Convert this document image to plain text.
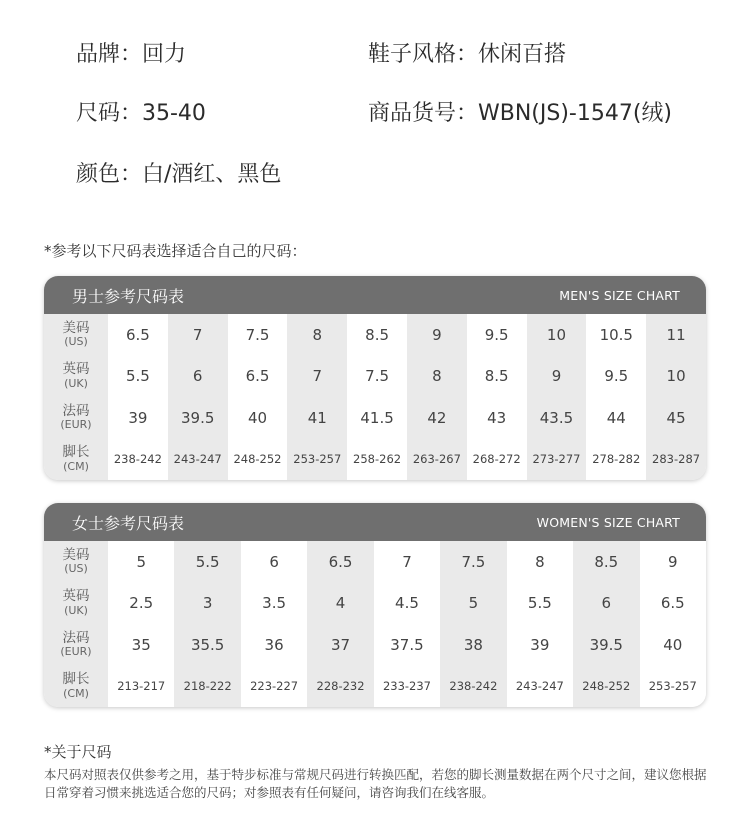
品牌：回力	鞋子风格：休闲百搭
尺码：35-40	商品货号：WBN(JS)-1547(绒)
颜色：白/酒红、黑色
*参考以下尺码表选择适合自己的尺码：
男士参考尺码表	MEN'S SIZE CHART
美码
(US)	6.5	7	7.5	8	8.5	9	9.5	10	10.5	11

英码
(UK)	5.5	6	6.5	7	7.5	8	8.5	9	9.5	10

法码
(EUR)	39	39.5	40	41	41.5	42	43	43.5	44	45

脚长
(CM)	238-242	243-247	248-252	253-257	258-262	263-267	268-272	273-277	278-282	283-287
女士参考尺码表	WOMEN'S SIZE CHART
美码
(US)	5	5.5	6	6.5	7	7.5	8	8.5	9

英码
(UK)	2.5	3	3.5	4	4.5	5	5.5	6	6.5

法码
(EUR)	35	35.5	36	37	37.5	38	39	39.5	40

脚长
(CM)	213-217	218-222	223-227	228-232	233-237	238-242	243-247	248-252	253-257
*关于尺码
本尺码对照表仅供参考之用，基于特步标准与常规尺码进行转换匹配，若您的脚长测量数据在两个尺寸之间，建议您根据日常穿着习惯来挑选适合您的尺码；对参照表有任何疑问，请咨询我们在线客服。
